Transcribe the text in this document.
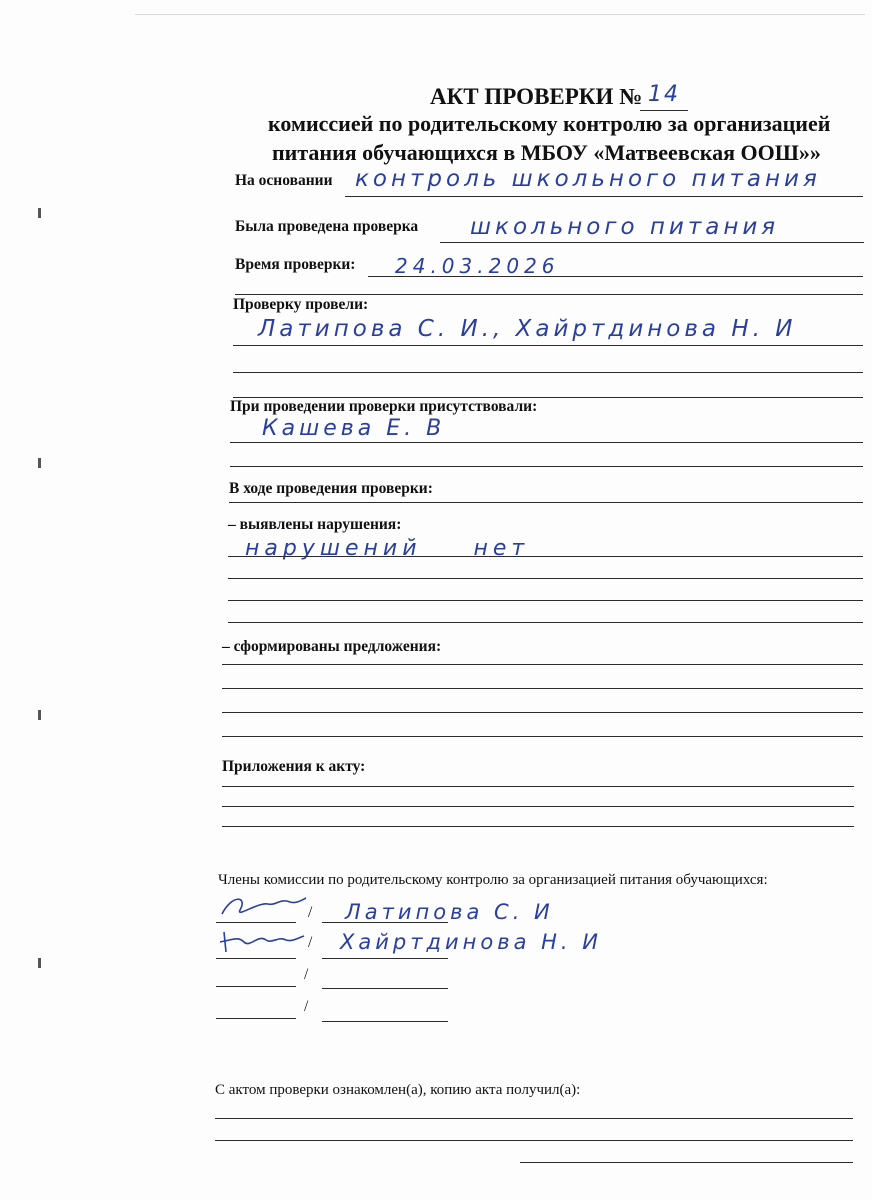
АКТ ПРОВЕРКИ № 14
комиссией по родительскому контролю за организацией
питания обучающихся в МБОУ «Матвеевская ООШ»»
На основании контроль школьного питания
Была проведена проверка школьного питания
Время проверки: 24.03.2026
Проверку провели:
Латипова С. И., Хайртдинова Н. И
При проведении проверки присутствовали:
Кашева Е. В
В ходе проведения проверки:
– выявлены нарушения:
нарушений нет
– сформированы предложения:
Приложения к акту:
Члены комиссии по родительскому контролю за организацией питания обучающихся:
/ Латипова С. И
/ Хайртдинова Н. И
/
/
С актом проверки ознакомлен(а), копию акта получил(а):
